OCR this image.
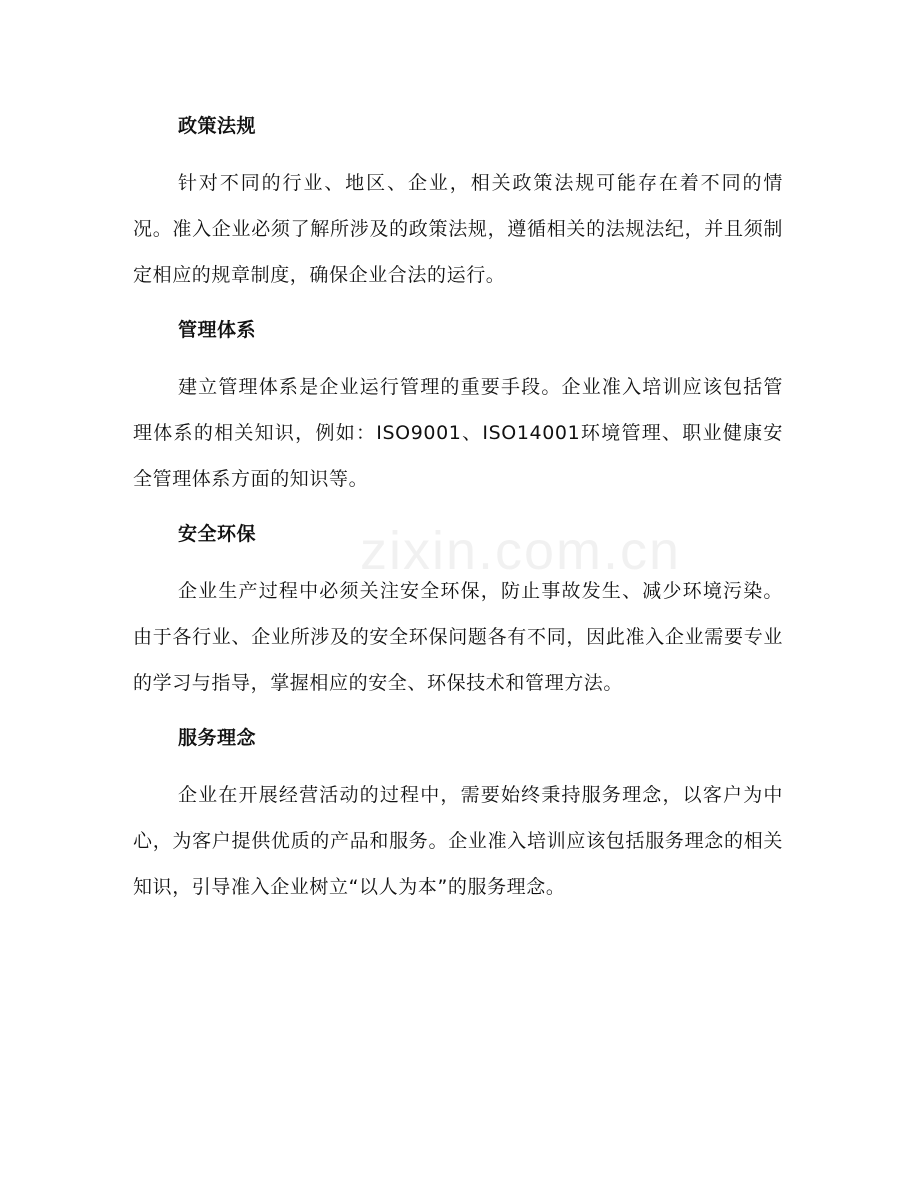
政策法规

针对不同的行业、地区、企业，相关政策法规可能存在着不同的情况。准入企业必须了解所涉及的政策法规，遵循相关的法规法纪，并且须制定相应的规章制度，确保企业合法的运行。

管理体系

建立管理体系是企业运行管理的重要手段。企业准入培训应该包括管理体系的相关知识，例如：ISO9001、ISO14001环境管理、职业健康安全管理体系方面的知识等。

安全环保

企业生产过程中必须关注安全环保，防止事故发生、减少环境污染。由于各行业、企业所涉及的安全环保问题各有不同，因此准入企业需要专业的学习与指导，掌握相应的安全、环保技术和管理方法。

服务理念

企业在开展经营活动的过程中，需要始终秉持服务理念，以客户为中心，为客户提供优质的产品和服务。企业准入培训应该包括服务理念的相关知识，引导准入企业树立“以人为本”的服务理念。

zixin.com.cn
